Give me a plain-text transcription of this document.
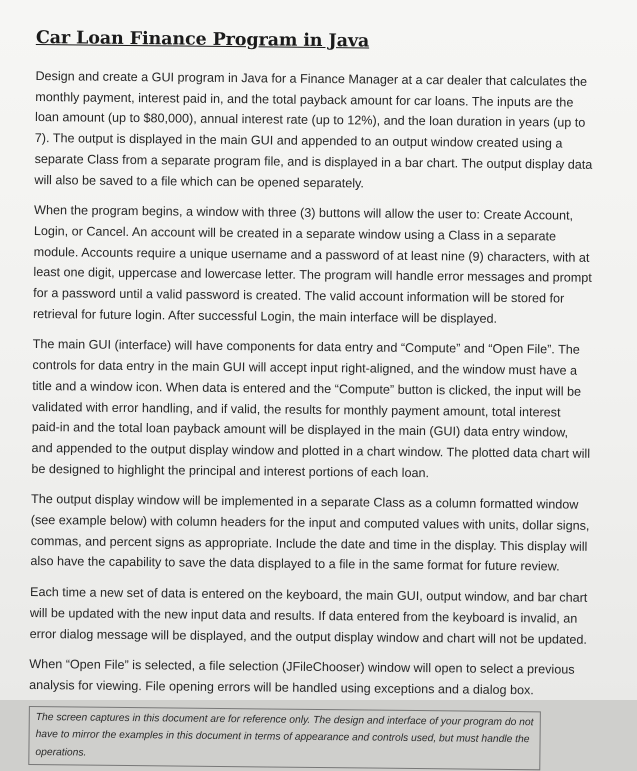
Car Loan Finance Program in Java

Design and create a GUI program in Java for a Finance Manager at a car dealer that calculates the monthly payment, interest paid in, and the total payback amount for car loans. The inputs are the loan amount (up to $80,000), annual interest rate (up to 12%), and the loan duration in years (up to 7). The output is displayed in the main GUI and appended to an output window created using a separate Class from a separate program file, and is displayed in a bar chart. The output display data will also be saved to a file which can be opened separately.

When the program begins, a window with three (3) buttons will allow the user to: Create Account, Login, or Cancel. An account will be created in a separate window using a Class in a separate module. Accounts require a unique username and a password of at least nine (9) characters, with at least one digit, uppercase and lowercase letter. The program will handle error messages and prompt for a password until a valid password is created. The valid account information will be stored for retrieval for future login. After successful Login, the main interface will be displayed.

The main GUI (interface) will have components for data entry and “Compute” and “Open File”. The controls for data entry in the main GUI will accept input right-aligned, and the window must have a title and a window icon. When data is entered and the “Compute” button is clicked, the input will be validated with error handling, and if valid, the results for monthly payment amount, total interest paid-in and the total loan payback amount will be displayed in the main (GUI) data entry window, and appended to the output display window and plotted in a chart window. The plotted data chart will be designed to highlight the principal and interest portions of each loan.

The output display window will be implemented in a separate Class as a column formatted window (see example below) with column headers for the input and computed values with units, dollar signs, commas, and percent signs as appropriate. Include the date and time in the display. This display will also have the capability to save the data displayed to a file in the same format for future review.

Each time a new set of data is entered on the keyboard, the main GUI, output window, and bar chart will be updated with the new input data and results. If data entered from the keyboard is invalid, an error dialog message will be displayed, and the output display window and chart will not be updated.

When “Open File” is selected, a file selection (JFileChooser) window will open to select a previous analysis for viewing. File opening errors will be handled using exceptions and a dialog box.

The screen captures in this document are for reference only. The design and interface of your program do not have to mirror the examples in this document in terms of appearance and controls used, but must handle the operations.
